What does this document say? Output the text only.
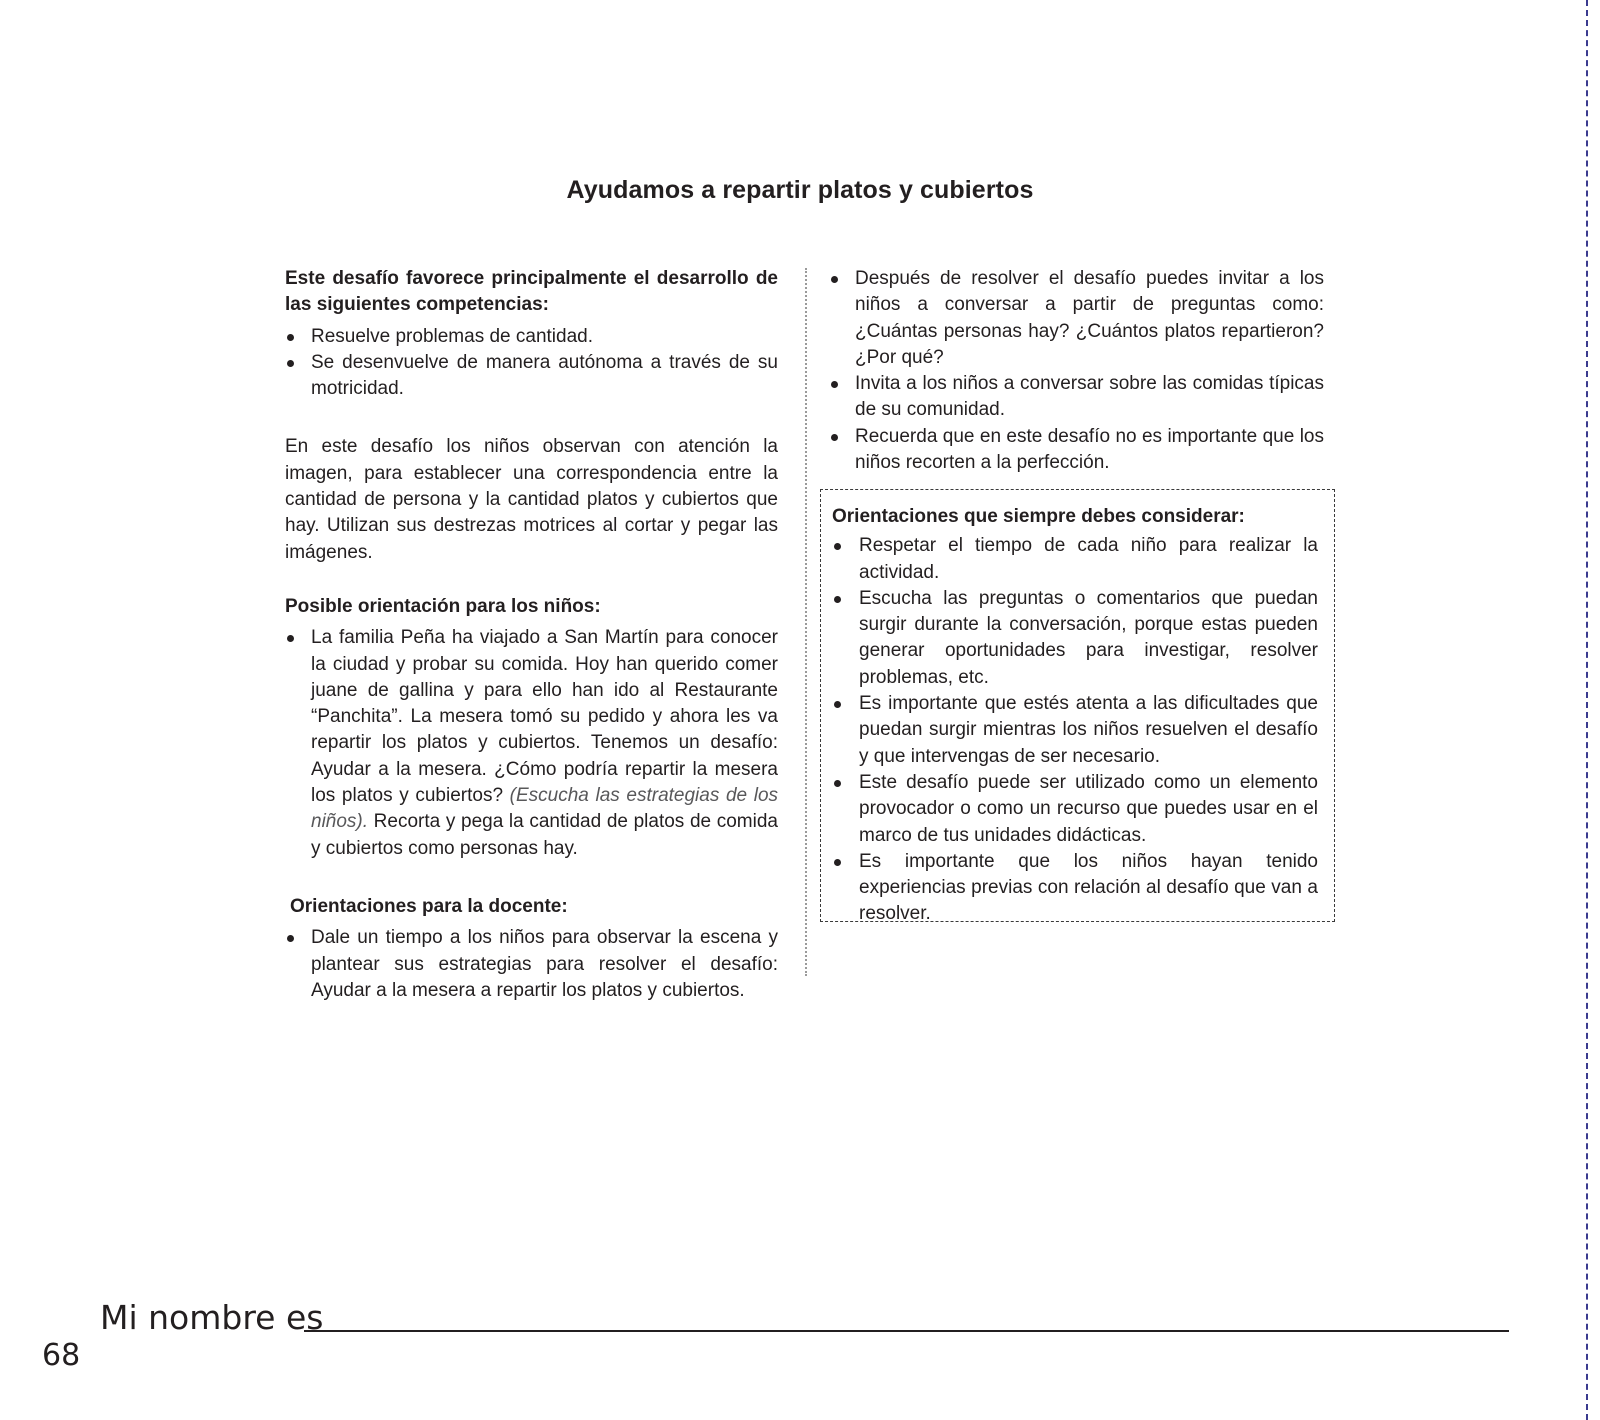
Ayudamos a repartir platos y cubiertos

Este desafío favorece principalmente el desarrollo de las siguientes competencias:

Resuelve problemas de cantidad.
Se desenvuelve de manera autónoma a través de su motricidad.

En este desafío los niños observan con atención la imagen, para establecer una correspondencia entre la cantidad de persona y la cantidad platos y cubiertos que hay. Utilizan sus destrezas motrices al cortar y pegar las imágenes.

Posible orientación para los niños:

La familia Peña ha viajado a San Martín para conocer la ciudad y probar su comida. Hoy han querido comer juane de gallina y para ello han ido al Restaurante “Panchita”. La mesera tomó su pedido y ahora les va repartir los platos y cubiertos. Tenemos un desafío: Ayudar a la mesera. ¿Cómo podría repartir la mesera los platos y cubiertos? (Escucha las estrategias de los niños). Recorta y pega la cantidad de platos de comida y cubiertos como personas hay.

Orientaciones para la docente:

Dale un tiempo a los niños para observar la escena y plantear sus estrategias para resolver el desafío: Ayudar a la mesera a repartir los platos y cubiertos.
Después de resolver el desafío puedes invitar a los niños a conversar a partir de preguntas como: ¿Cuántas personas hay? ¿Cuántos platos repartieron? ¿Por qué?
Invita a los niños a conversar sobre las comidas típicas de su comunidad.
Recuerda que en este desafío no es importante que los niños recorten a la perfección.

Orientaciones que siempre debes considerar:

Respetar el tiempo de cada niño para realizar la actividad.
Escucha las preguntas o comentarios que puedan surgir durante la conversación, porque estas pueden generar oportunidades para investigar, resolver problemas, etc.
Es importante que estés atenta a las dificultades que puedan surgir mientras los niños resuelven el desafío y que intervengas de ser necesario.
Este desafío puede ser utilizado como un elemento provocador o como un recurso que puedes usar en el marco de tus unidades didácticas.
Es importante que los niños hayan tenido experiencias previas con relación al desafío que van a resolver.
Mi nombre es
68
